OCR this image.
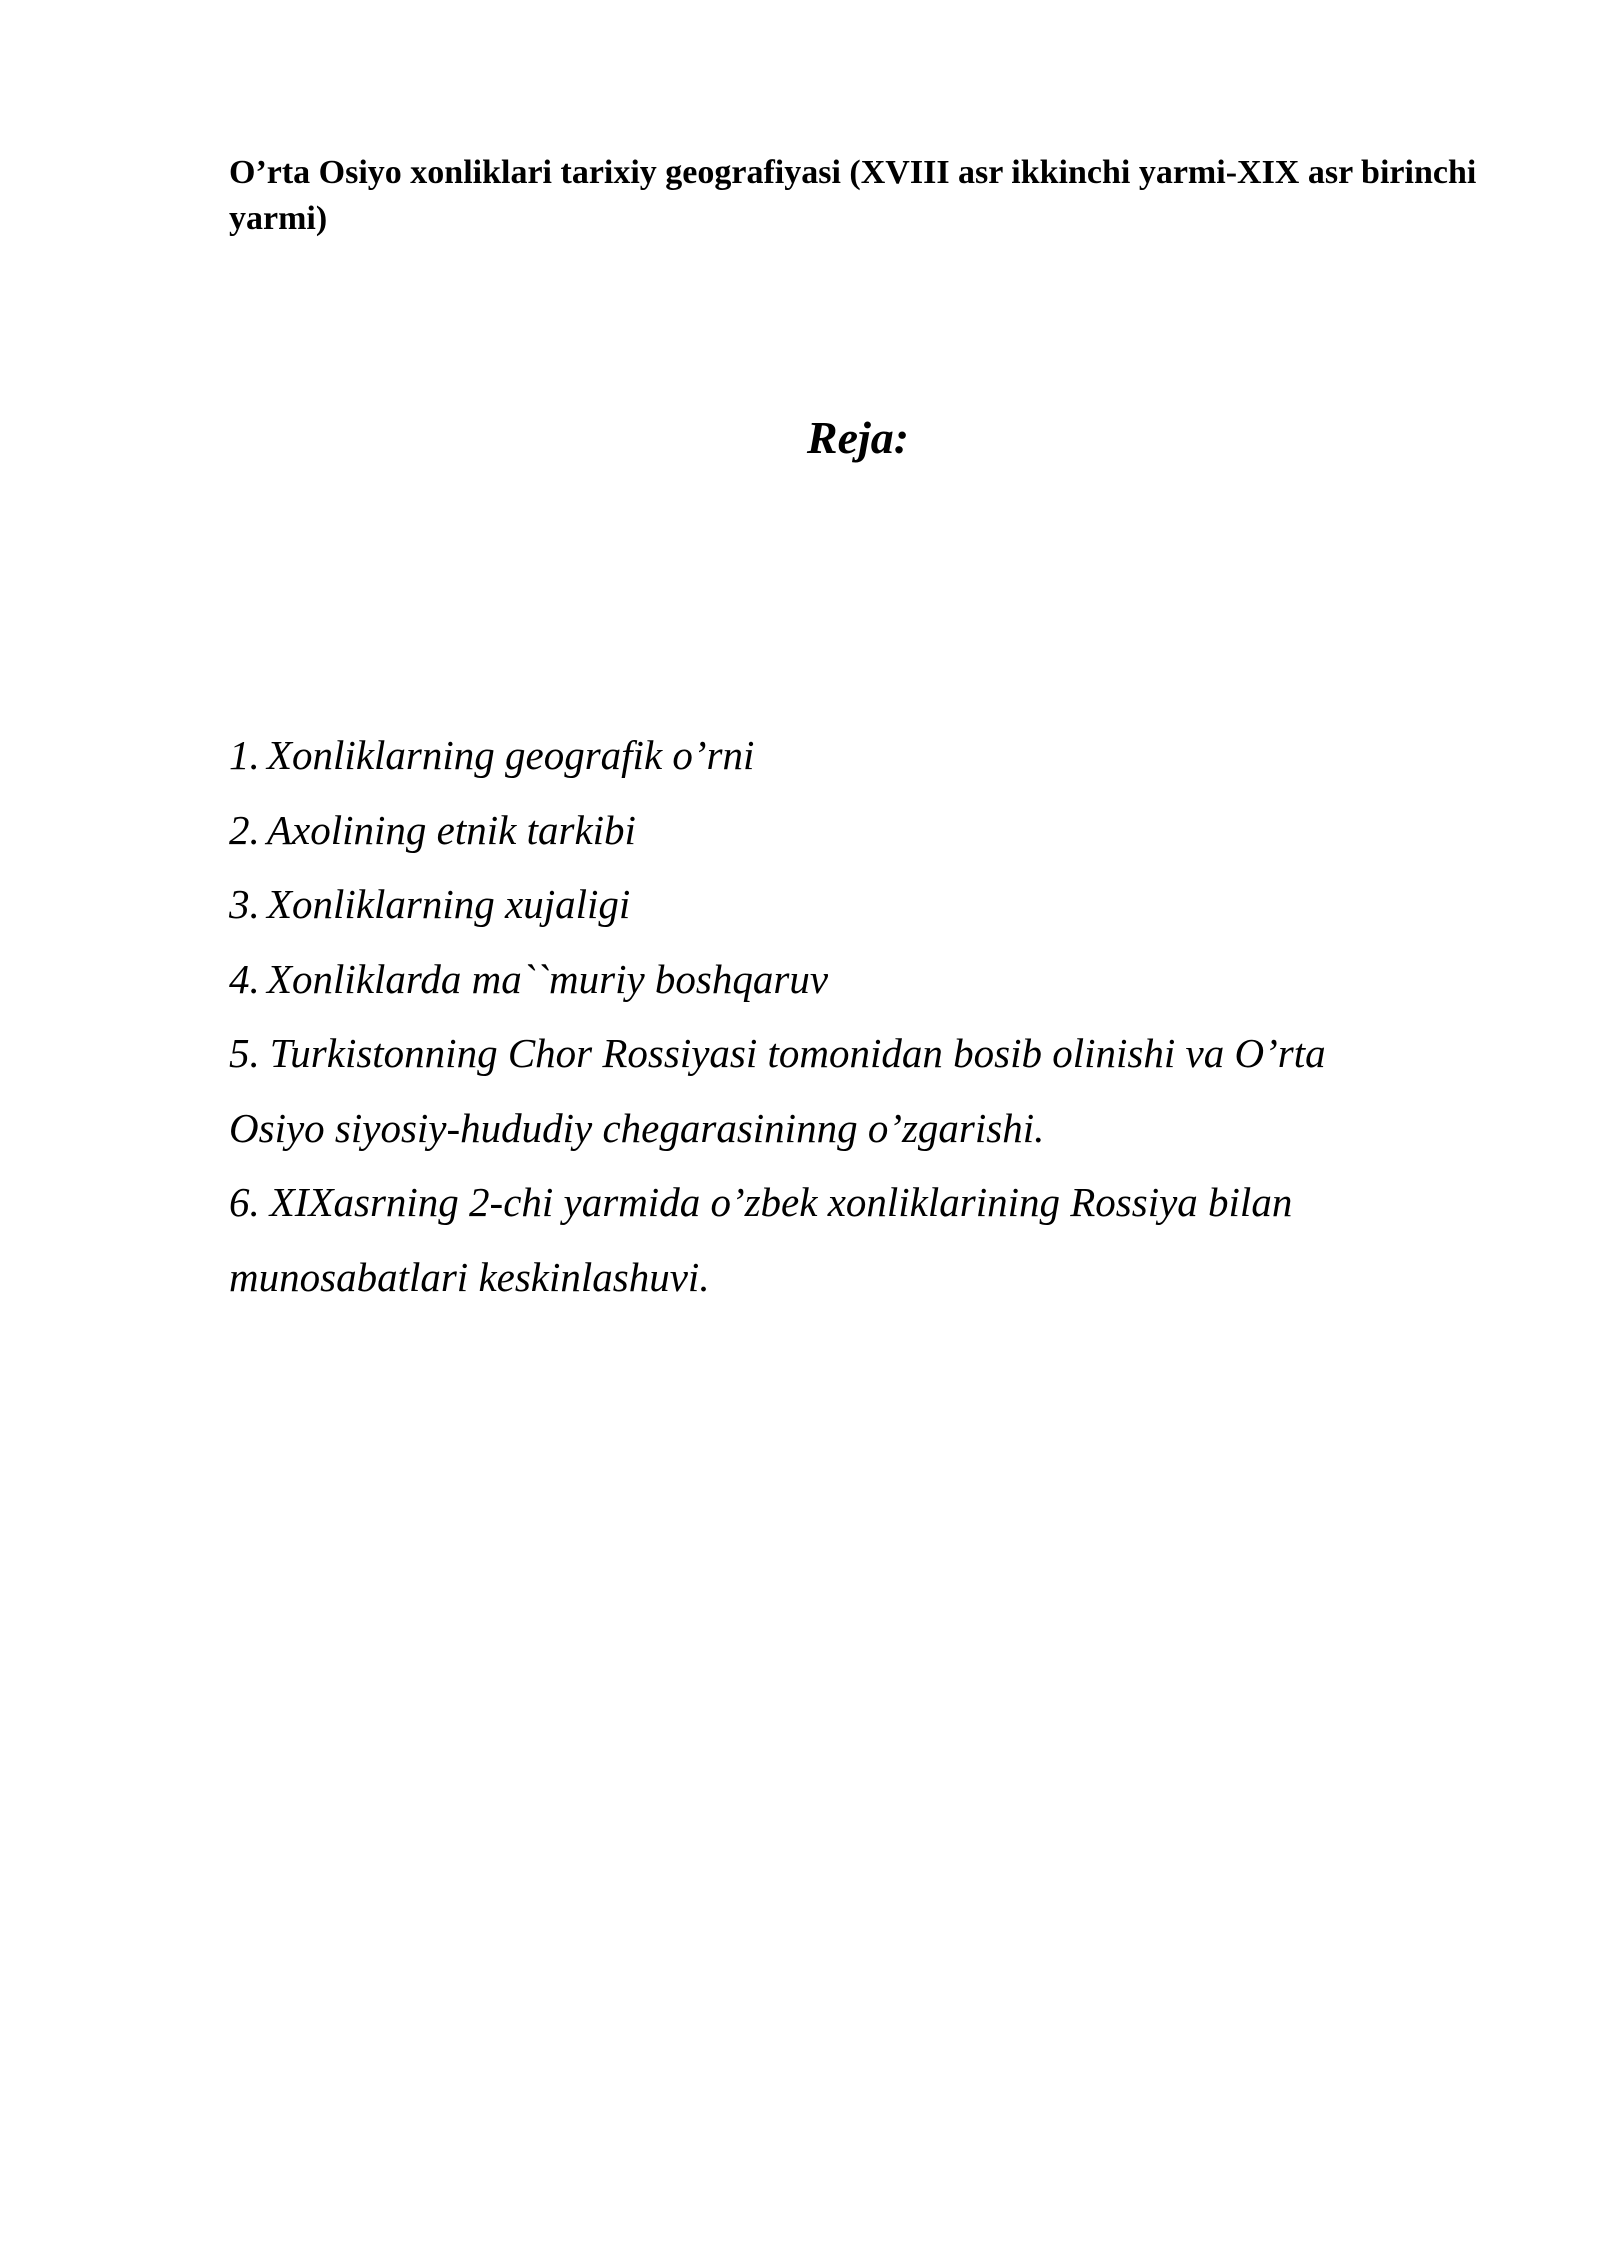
O’rta Osiyo xonliklari tarixiy geografiyasi (XVIII asr ikkinchi yarmi-XIX asr birinchi yarmi)

Reja:
1. Xonliklarning geografik o’rni
2. Axolining etnik tarkibi
3. Xonliklarning xujaligi
4. Xonliklarda ma``muriy boshqaruv
5. Turkistonning Chor Rossiyasi tomonidan bosib olinishi va O’rta Osiyo siyosiy-hududiy chegarasininng o’zgarishi.
6. XIXasrning 2-chi yarmida o’zbek xonliklarining Rossiya bilan munosabatlari keskinlashuvi.
